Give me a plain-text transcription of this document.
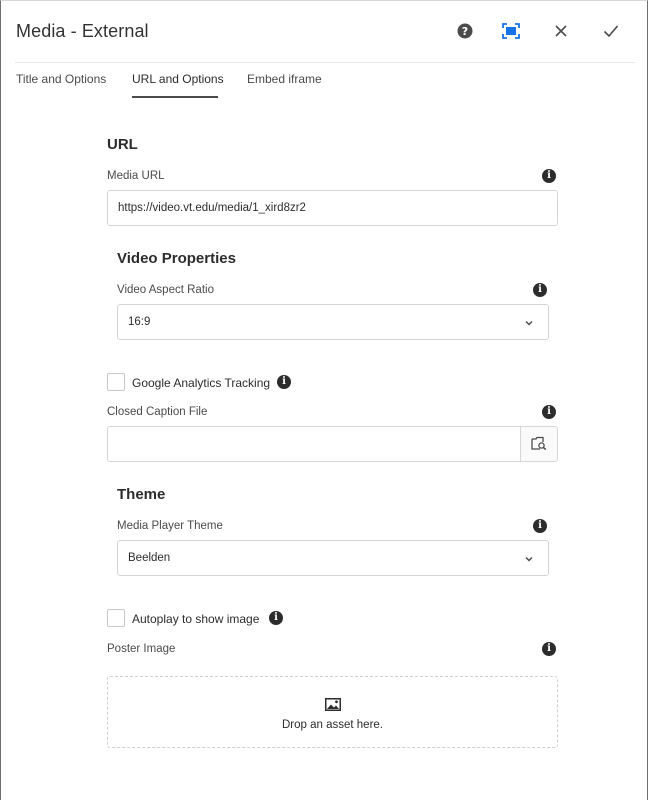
Media - External	?
Title and Options URL and Options Embed iframe
URL
Media URL	i
https://video.vt.edu/media/1_xird8zr2
Video Properties
Video Aspect Ratio	i
16:9
Google Analytics Tracking	i
Closed Caption File	i
Theme
Media Player Theme	i
Beelden
Autoplay to show image	i
Poster Image	i
Drop an asset here.
